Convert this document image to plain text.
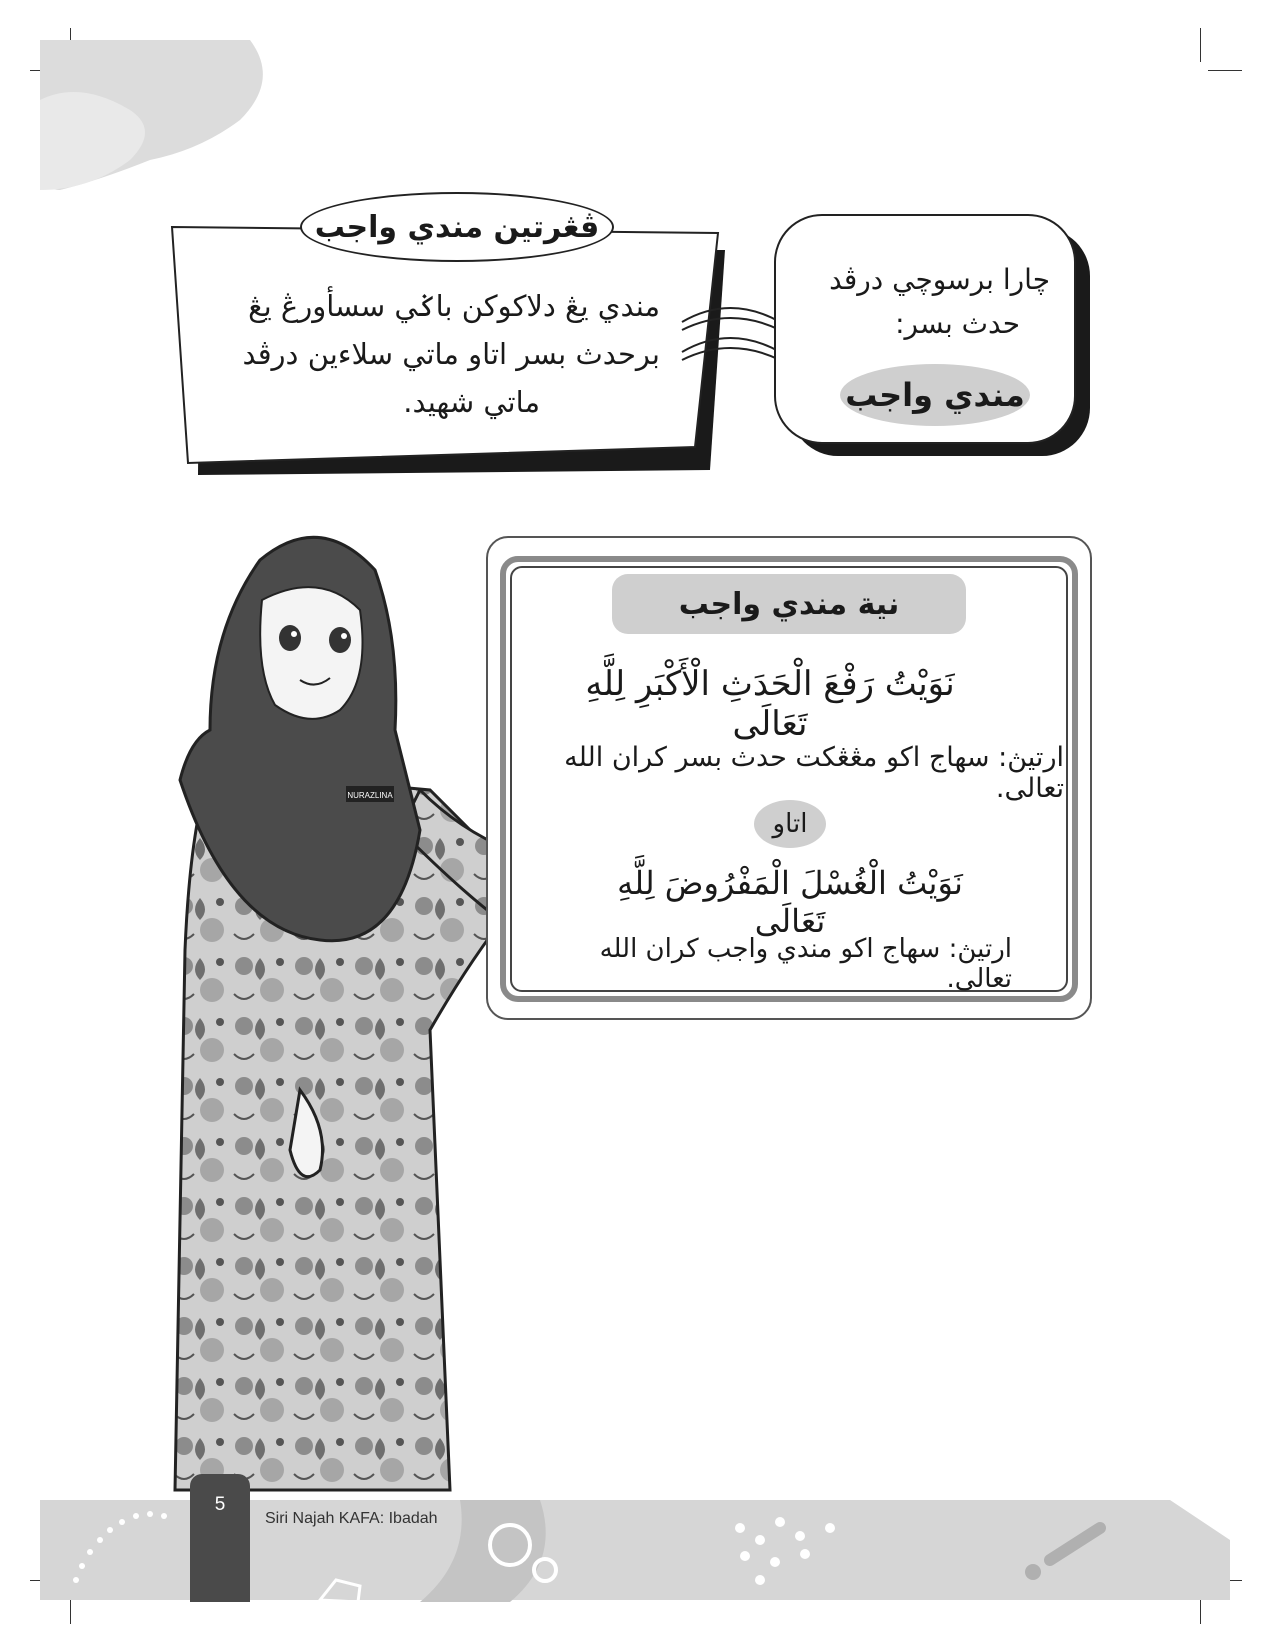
ڤڠرتين مندي واجب
مندي يڠ دلاكوكن باݢي سسأورڠ يڠ
برحدث بسر اتاو ماتي سلاءين درڤد
ماتي شهيد.
چارا برسوچي درڤد
حدث بسر:
مندي واجب
NURAZLINA
نية مندي واجب
نَوَيْتُ رَفْعَ الْحَدَثِ الْأَكْبَرِ لِلَّهِ تَعَالَى
ارتيڽ: سهاج اكو مڠڠكت حدث بسر كران الله تعالى.
اتاو
نَوَيْتُ الْغُسْلَ الْمَفْرُوضَ لِلَّهِ تَعَالَى
ارتيڽ: سهاج اكو مندي واجب كران الله تعالى.
5
Siri Najah KAFA: Ibadah
